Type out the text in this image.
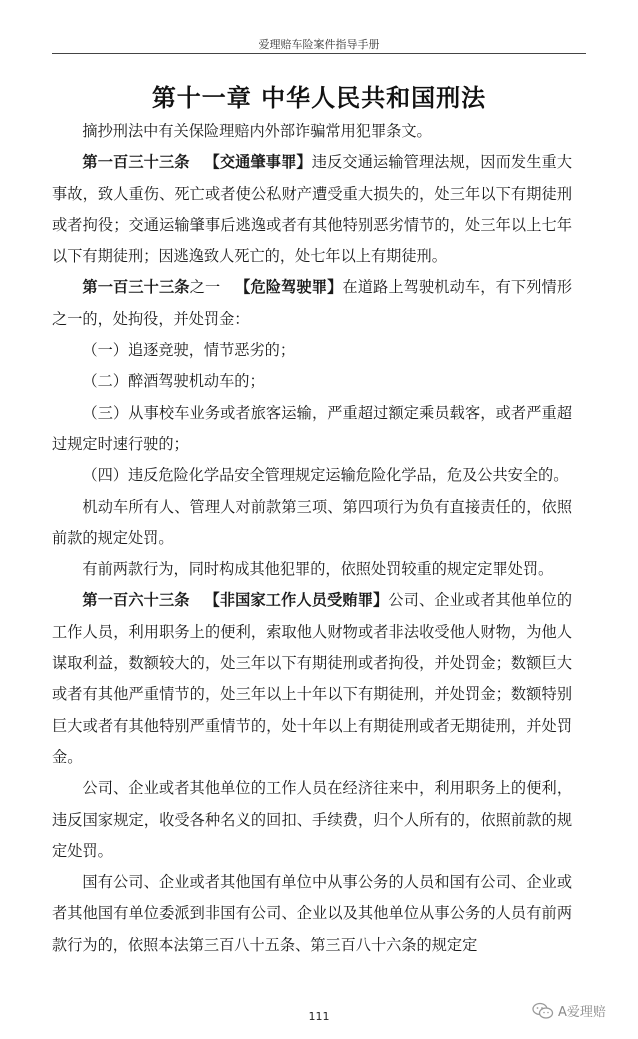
爱理赔车险案件指导手册
第十一章 中华人民共和国刑法

摘抄刑法中有关保险理赔内外部诈骗常用犯罪条文。

第一百三十三条 【交通肇事罪】违反交通运输管理法规，因而发生重大事故，致人重伤、死亡或者使公私财产遭受重大损失的，处三年以下有期徒刑或者拘役；交通运输肇事后逃逸或者有其他特别恶劣情节的，处三年以上七年以下有期徒刑；因逃逸致人死亡的，处七年以上有期徒刑。

第一百三十三条之一 【危险驾驶罪】在道路上驾驶机动车，有下列情形之一的，处拘役，并处罚金：

（一）追逐竞驶，情节恶劣的；

（二）醉酒驾驶机动车的；

（三）从事校车业务或者旅客运输，严重超过额定乘员载客，或者严重超过规定时速行驶的；

（四）违反危险化学品安全管理规定运输危险化学品，危及公共安全的。

机动车所有人、管理人对前款第三项、第四项行为负有直接责任的，依照前款的规定处罚。

有前两款行为，同时构成其他犯罪的，依照处罚较重的规定定罪处罚。

第一百六十三条 【非国家工作人员受贿罪】公司、企业或者其他单位的工作人员，利用职务上的便利，索取他人财物或者非法收受他人财物，为他人谋取利益，数额较大的，处三年以下有期徒刑或者拘役，并处罚金；数额巨大或者有其他严重情节的，处三年以上十年以下有期徒刑，并处罚金；数额特别巨大或者有其他特别严重情节的，处十年以上有期徒刑或者无期徒刑，并处罚金。

公司、企业或者其他单位的工作人员在经济往来中，利用职务上的便利，违反国家规定，收受各种名义的回扣、手续费，归个人所有的，依照前款的规定处罚。

国有公司、企业或者其他国有单位中从事公务的人员和国有公司、企业或者其他国有单位委派到非国有公司、企业以及其他单位从事公务的人员有前两款行为的，依照本法第三百八十五条、第三百八十六条的规定定

111	A爱理赔
